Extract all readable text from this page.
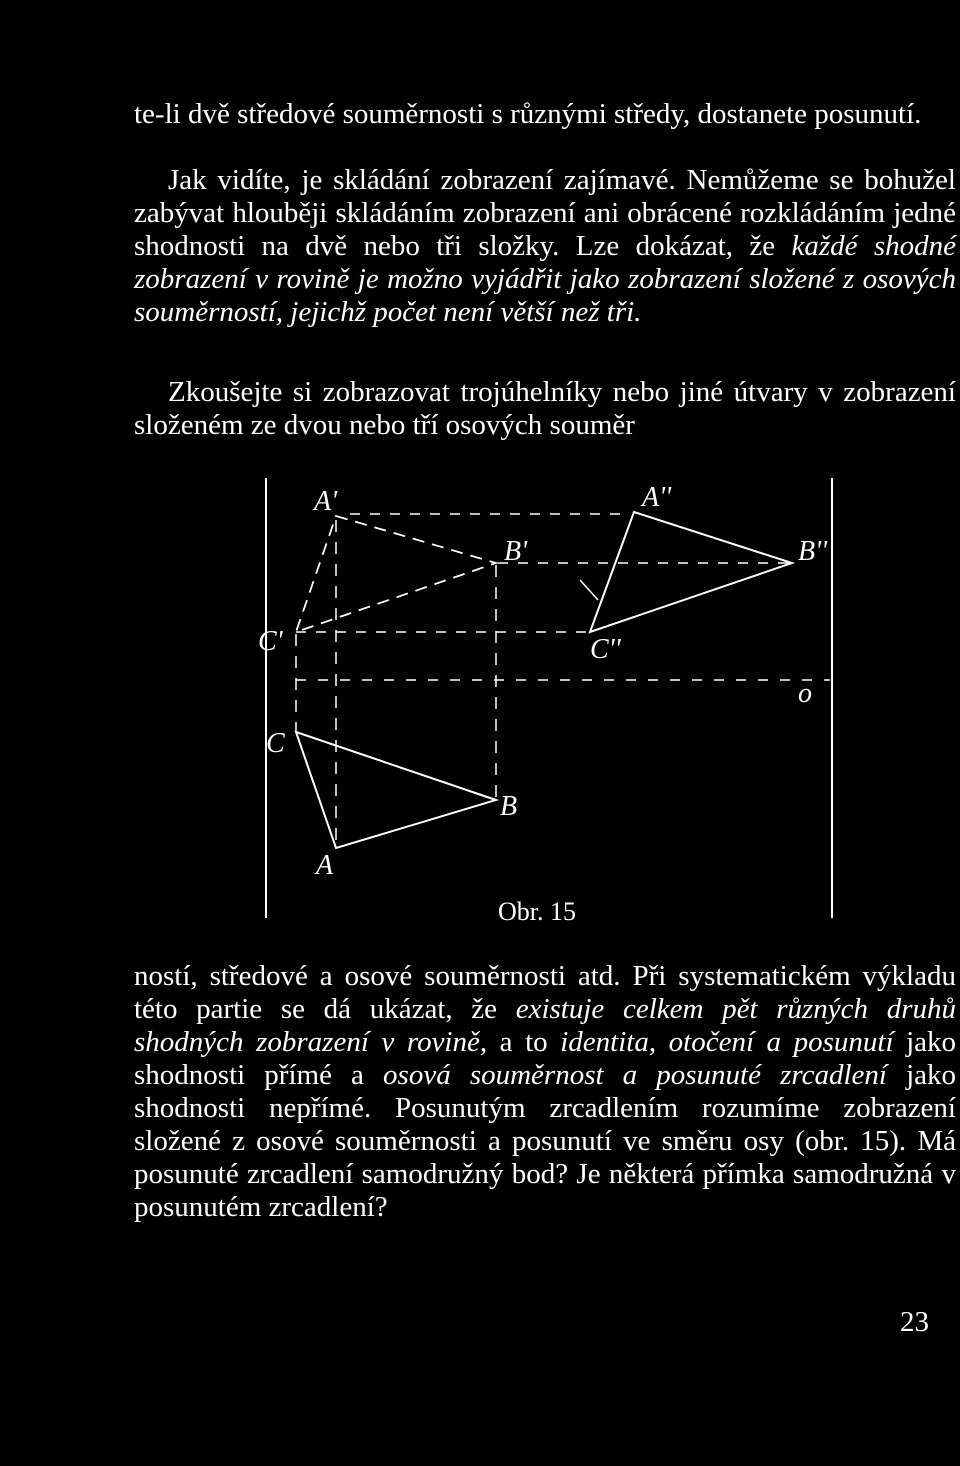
te-li dvě středové souměrnosti s různými středy, dostanete posunutí.

Jak vidíte, je skládání zobrazení zajímavé. Nemůžeme se bohužel zabývat hlouběji skládáním zobrazení ani obrácené rozkládáním jedné shodnosti na dvě nebo tři složky. Lze dokázat, že každé shodné zobrazení v rovině je možno vyjádřit jako zobrazení složené z osových souměrností, jejichž počet není větší než tři.

Zkoušejte si zobrazovat trojúhelníky nebo jiné útvary v zobrazení složeném ze dvou nebo tří osových souměr

A'	A''
B'	B''
C'	C''
o
C
B
A
Obr. 15

ností, středové a osové souměrnosti atd. Při systematickém výkladu této partie se dá ukázat, že existuje celkem pět různých druhů shodných zobrazení v rovině, a to identita, otočení a posunutí jako shodnosti přímé a osová souměrnost a posunuté zrcadlení jako shodnosti nepřímé. Posunutým zrcadlením rozumíme zobrazení složené z osové souměrnosti a posunutí ve směru osy (obr. 15). Má posunuté zrcadlení samodružný bod? Je některá přímka samodružná v posunutém zrcadlení?

23
